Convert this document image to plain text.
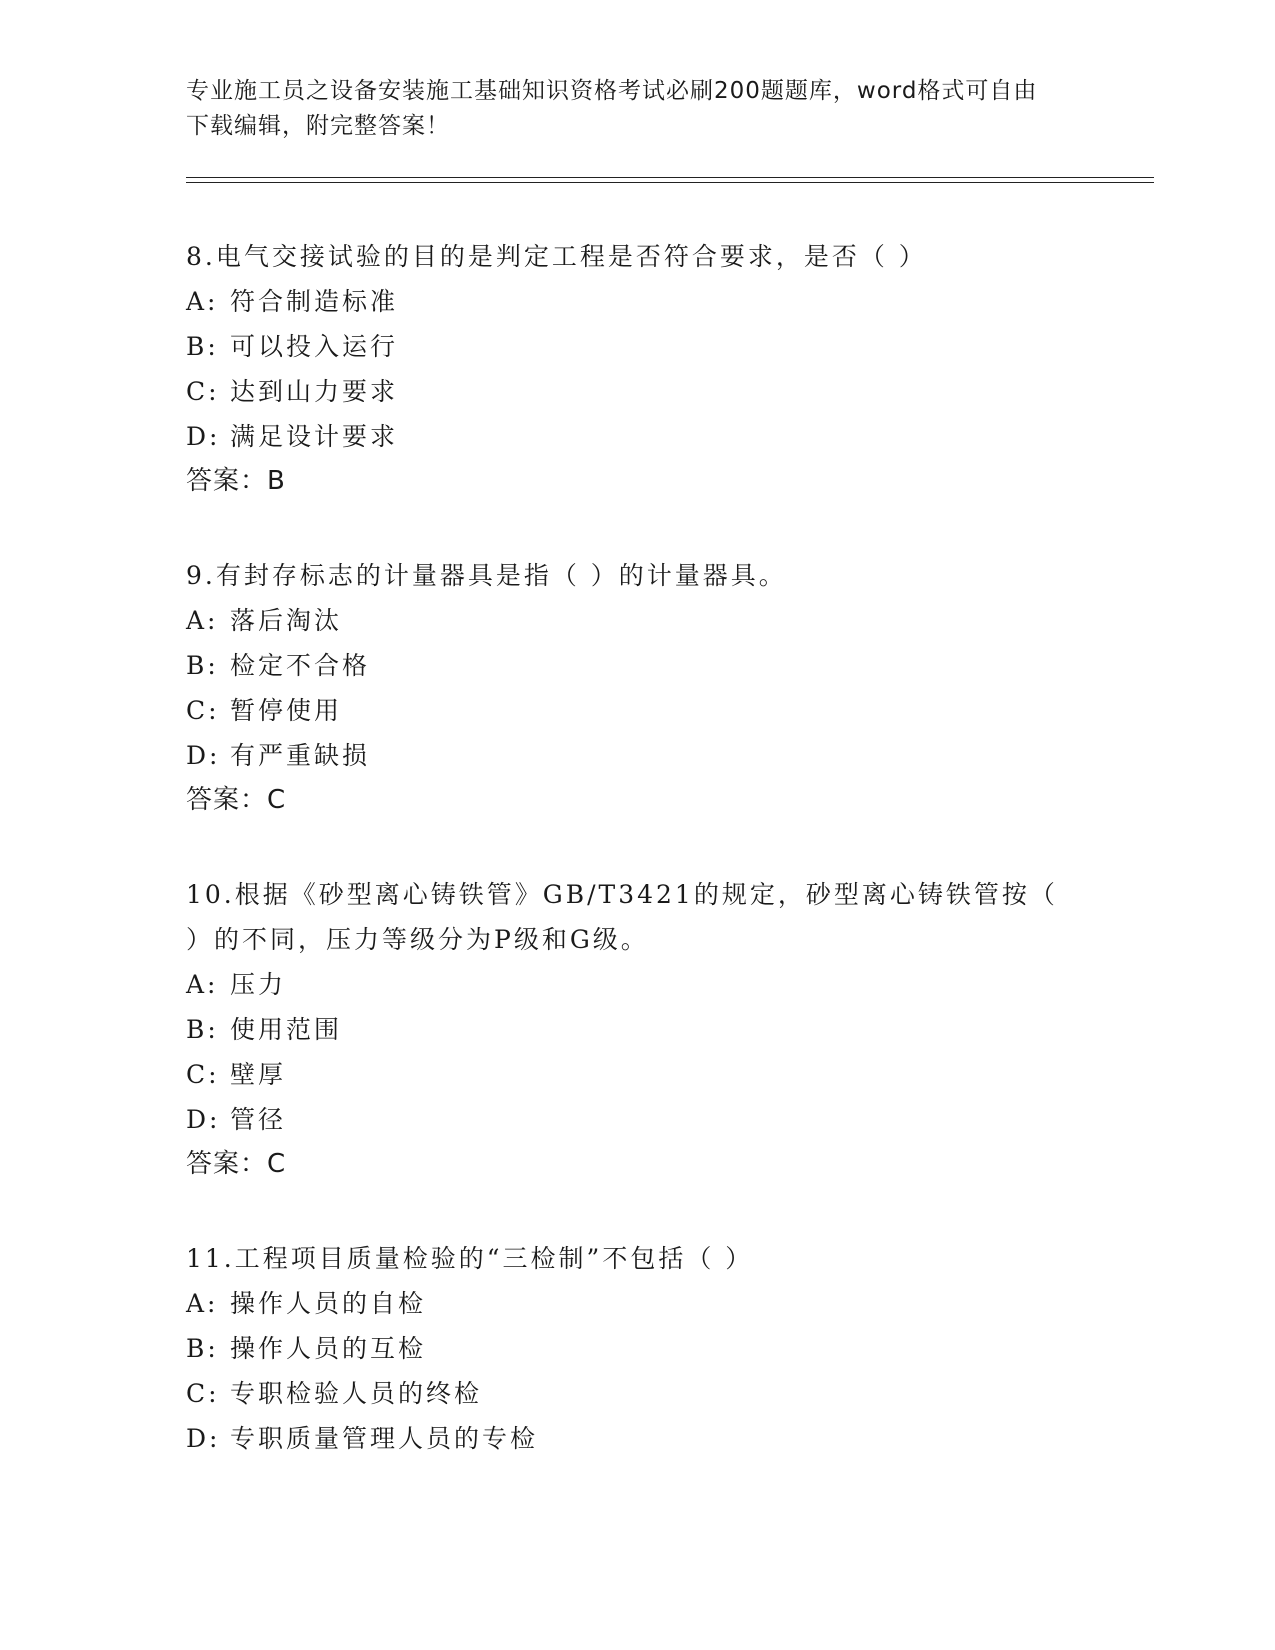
专业施工员之设备安装施工基础知识资格考试必刷200题题库，word格式可自由
下载编辑，附完整答案！

8.电气交接试验的目的是判定工程是否符合要求，是否（ ）

A: 符合制造标准
B: 可以投入运行
C: 达到山力要求
D: 满足设计要求
答案：B

9.有封存标志的计量器具是指（ ）的计量器具。

A: 落后淘汰
B: 检定不合格
C: 暂停使用
D: 有严重缺损
答案：C

10.根据《砂型离心铸铁管》GB/T3421的规定，砂型离心铸铁管按（

）的不同，压力等级分为P级和G级。

A: 压力
B: 使用范围
C: 壁厚
D: 管径
答案：C

11.工程项目质量检验的“三检制”不包括（ ）

A: 操作人员的自检
B: 操作人员的互检
C: 专职检验人员的终检
D: 专职质量管理人员的专检
